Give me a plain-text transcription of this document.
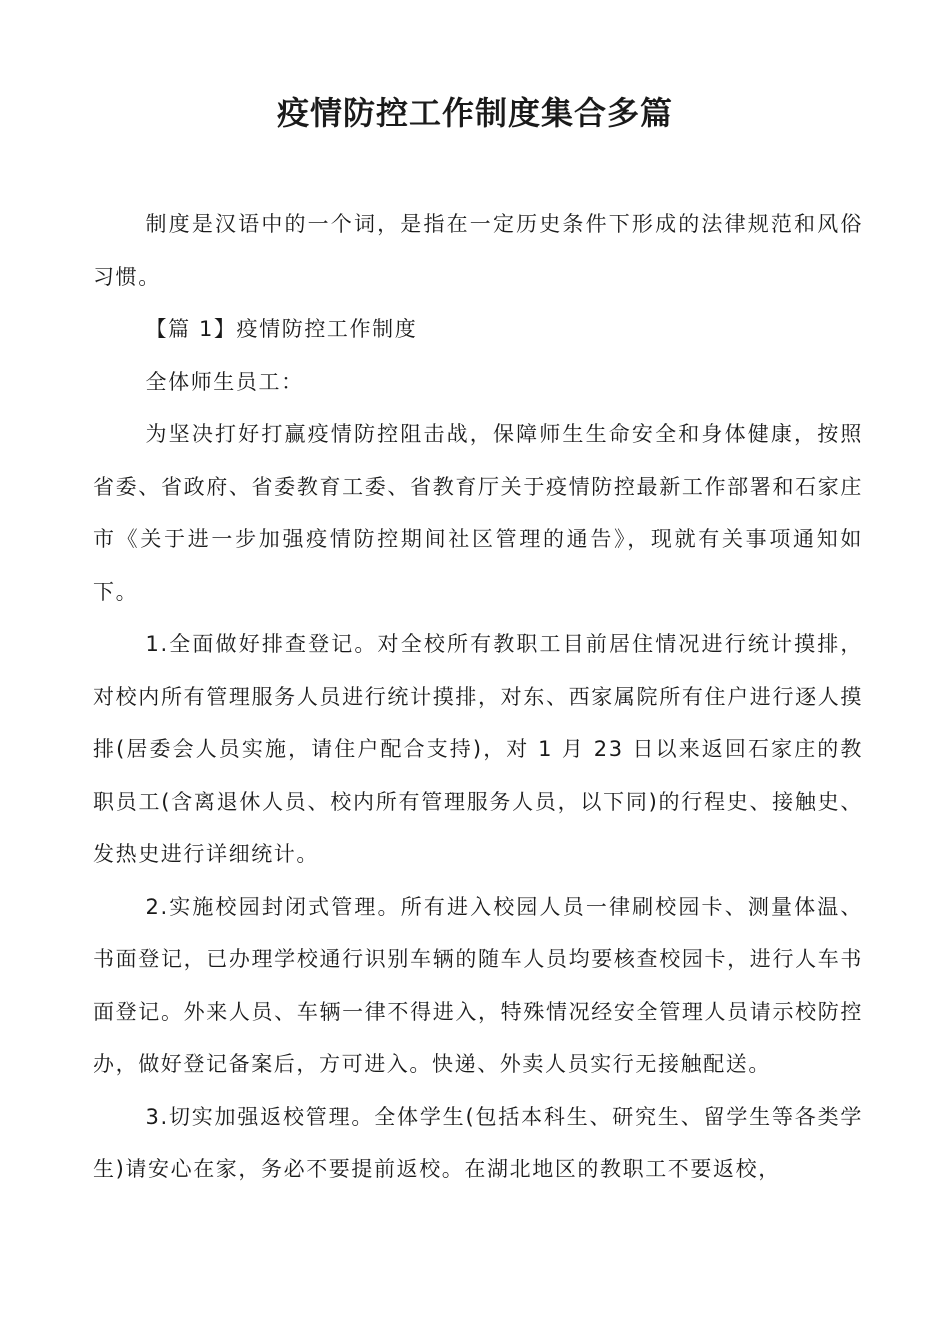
疫情防控工作制度集合多篇

制度是汉语中的一个词，是指在一定历史条件下形成的法律规范和风俗习惯。

【篇 1】疫情防控工作制度

全体师生员工：

为坚决打好打赢疫情防控阻击战，保障师生生命安全和身体健康，按照省委、省政府、省委教育工委、省教育厅关于疫情防控最新工作部署和石家庄市《关于进一步加强疫情防控期间社区管理的通告》，现就有关事项通知如下。

1.全面做好排查登记。对全校所有教职工目前居住情况进行统计摸排，对校内所有管理服务人员进行统计摸排，对东、西家属院所有住户进行逐人摸排(居委会人员实施，请住户配合支持)，对 1 月 23 日以来返回石家庄的教职员工(含离退休人员、校内所有管理服务人员，以下同)的行程史、接触史、发热史进行详细统计。

2.实施校园封闭式管理。所有进入校园人员一律刷校园卡、测量体温、书面登记，已办理学校通行识别车辆的随车人员均要核查校园卡，进行人车书面登记。外来人员、车辆一律不得进入，特殊情况经安全管理人员请示校防控办，做好登记备案后，方可进入。快递、外卖人员实行无接触配送。

3.切实加强返校管理。全体学生(包括本科生、研究生、留学生等各类学生)请安心在家，务必不要提前返校。在湖北地区的教职工不要返校，
